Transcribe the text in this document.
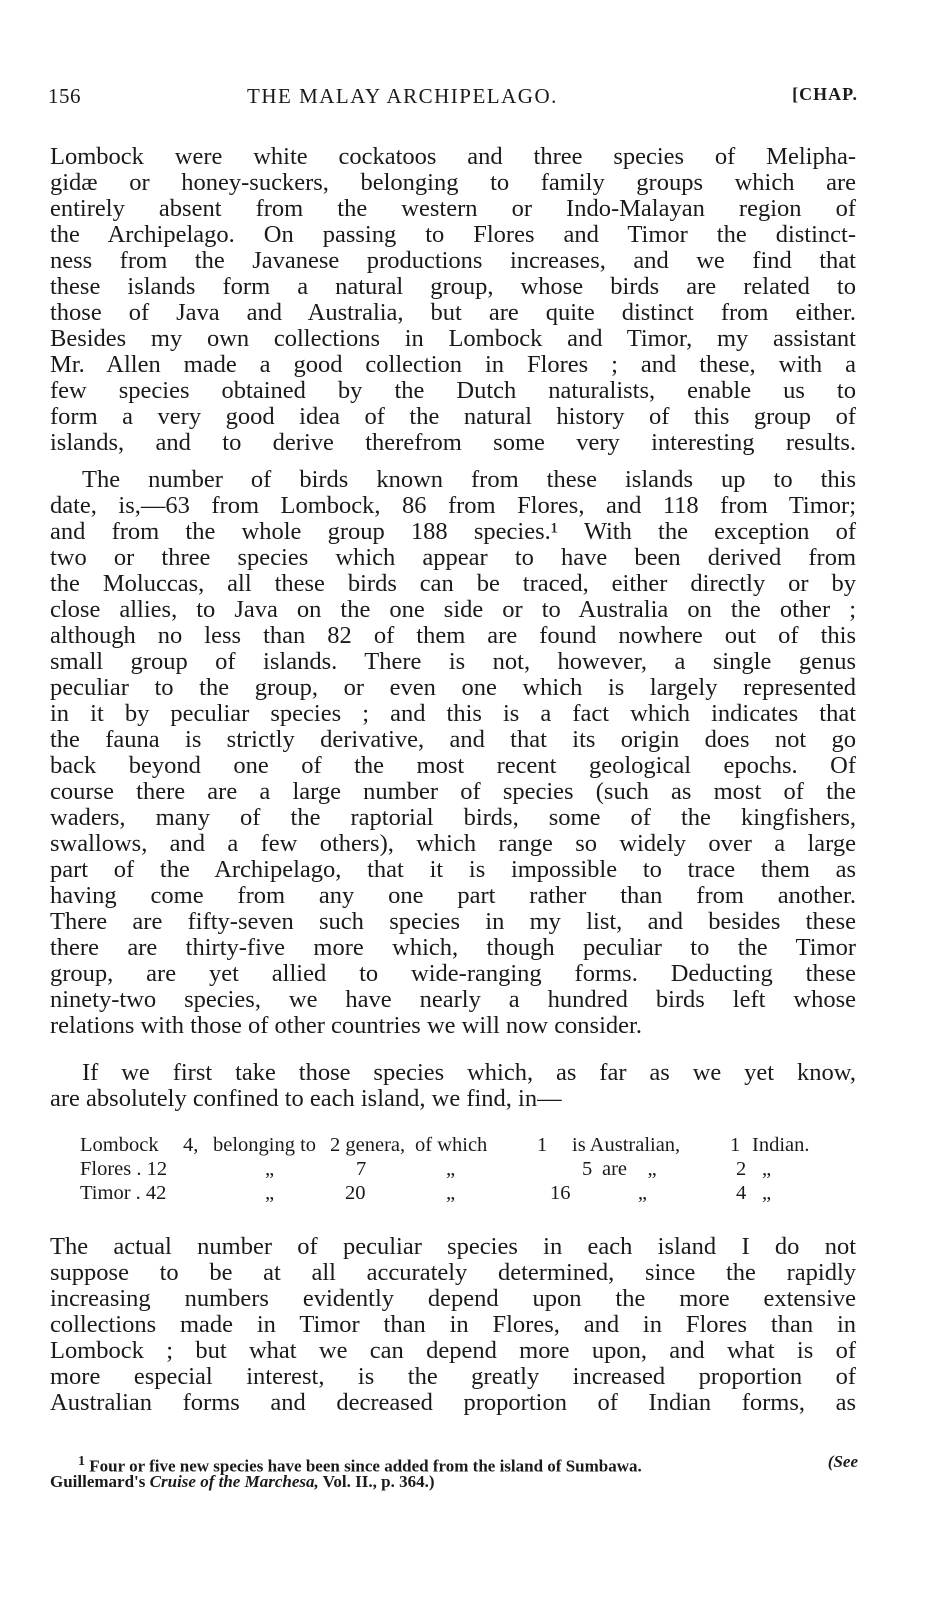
156	THE MALAY ARCHIPELAGO.	[CHAP.
Lombock were white cockatoos and three species of Melipha-
gidæ or honey-suckers, belonging to family groups which are
entirely absent from the western or Indo-Malayan region of
the Archipelago. On passing to Flores and Timor the distinct-
ness from the Javanese productions increases, and we find that
these islands form a natural group, whose birds are related to
those of Java and Australia, but are quite distinct from either.
Besides my own collections in Lombock and Timor, my assistant
Mr. Allen made a good collection in Flores ; and these, with a
few species obtained by the Dutch naturalists, enable us to
form a very good idea of the natural history of this group of
islands, and to derive therefrom some very interesting results.
The number of birds known from these islands up to this
date, is,—63 from Lombock, 86 from Flores, and 118 from Timor;
and from the whole group 188 species.¹ With the exception of
two or three species which appear to have been derived from
the Moluccas, all these birds can be traced, either directly or by
close allies, to Java on the one side or to Australia on the other ;
although no less than 82 of them are found nowhere out of this
small group of islands. There is not, however, a single genus
peculiar to the group, or even one which is largely represented
in it by peculiar species ; and this is a fact which indicates that
the fauna is strictly derivative, and that its origin does not go
back beyond one of the most recent geological epochs. Of
course there are a large number of species (such as most of the
waders, many of the raptorial birds, some of the kingfishers,
swallows, and a few others), which range so widely over a large
part of the Archipelago, that it is impossible to trace them as
having come from any one part rather than from another.
There are fifty-seven such species in my list, and besides these
there are thirty-five more which, though peculiar to the Timor
group, are yet allied to wide-ranging forms. Deducting these
ninety-two species, we have nearly a hundred birds left whose
relations with those of other countries we will now consider.
If we first take those species which, as far as we yet know,
are absolutely confined to each island, we find, in—
Lombock 4, belonging to 2 genera, of which 1 is Australian, 1 Indian.
Flores . 12	„	7	„	5 are    „	2 „
Timor . 42	„	20	„	16 „	4 „
The actual number of peculiar species in each island I do not
suppose to be at all accurately determined, since the rapidly
increasing numbers evidently depend upon the more extensive
collections made in Timor than in Flores, and in Flores than in
Lombock ; but what we can depend more upon, and what is of
more especial interest, is the greatly increased proportion of
Australian forms and decreased proportion of Indian forms, as
$^1$ Four or five new species have been since added from the island of Sumbawa.	(See
Guillemard's Cruise of the Marchesa, Vol. II., p. 364.)
